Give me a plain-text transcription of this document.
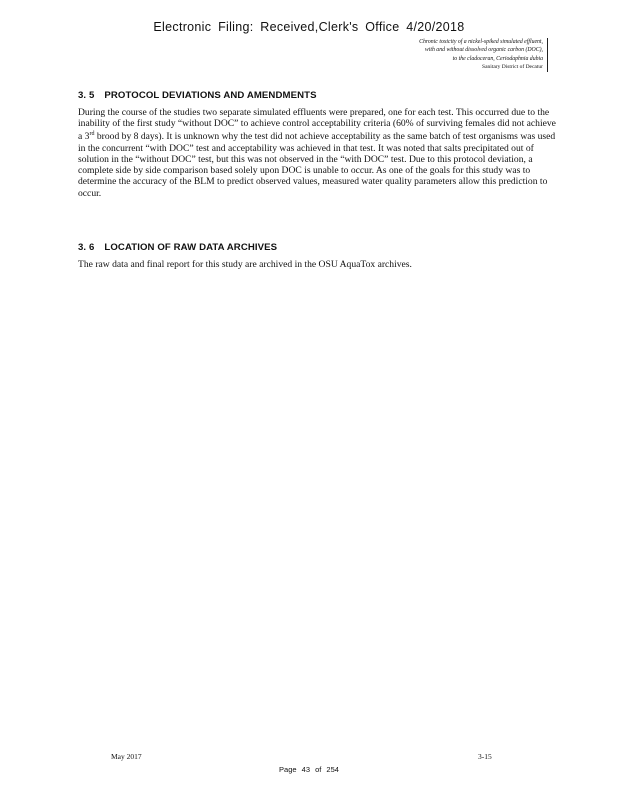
Electronic Filing: Received,Clerk's Office 4/20/2018
Chronic toxicity of a nickel-spiked simulated effluent,
with and without dissolved organic carbon (DOC),
to the cladoceran, Ceriodaphnia dubia
Sanitary District of Decatur
3. 5 PROTOCOL DEVIATIONS AND AMENDMENTS

During the course of the studies two separate simulated effluents were prepared, one for each test. This occurred due to the inability of the first study “without DOC” to achieve control acceptability criteria (60% of surviving females did not achieve a 3rd brood by 8 days). It is unknown why the test did not achieve acceptability as the same batch of test organisms was used in the concurrent “with DOC” test and acceptability was achieved in that test. It was noted that salts precipitated out of solution in the “without DOC” test, but this was not observed in the “with DOC” test. Due to this protocol deviation, a complete side by side comparison based solely upon DOC is unable to occur. As one of the goals for this study was to determine the accuracy of the BLM to predict observed values, measured water quality parameters allow this prediction to occur.

3. 6 LOCATION OF RAW DATA ARCHIVES

The raw data and final report for this study are archived in the OSU AquaTox archives.

May 2017	3-15
Page 43 of 254
